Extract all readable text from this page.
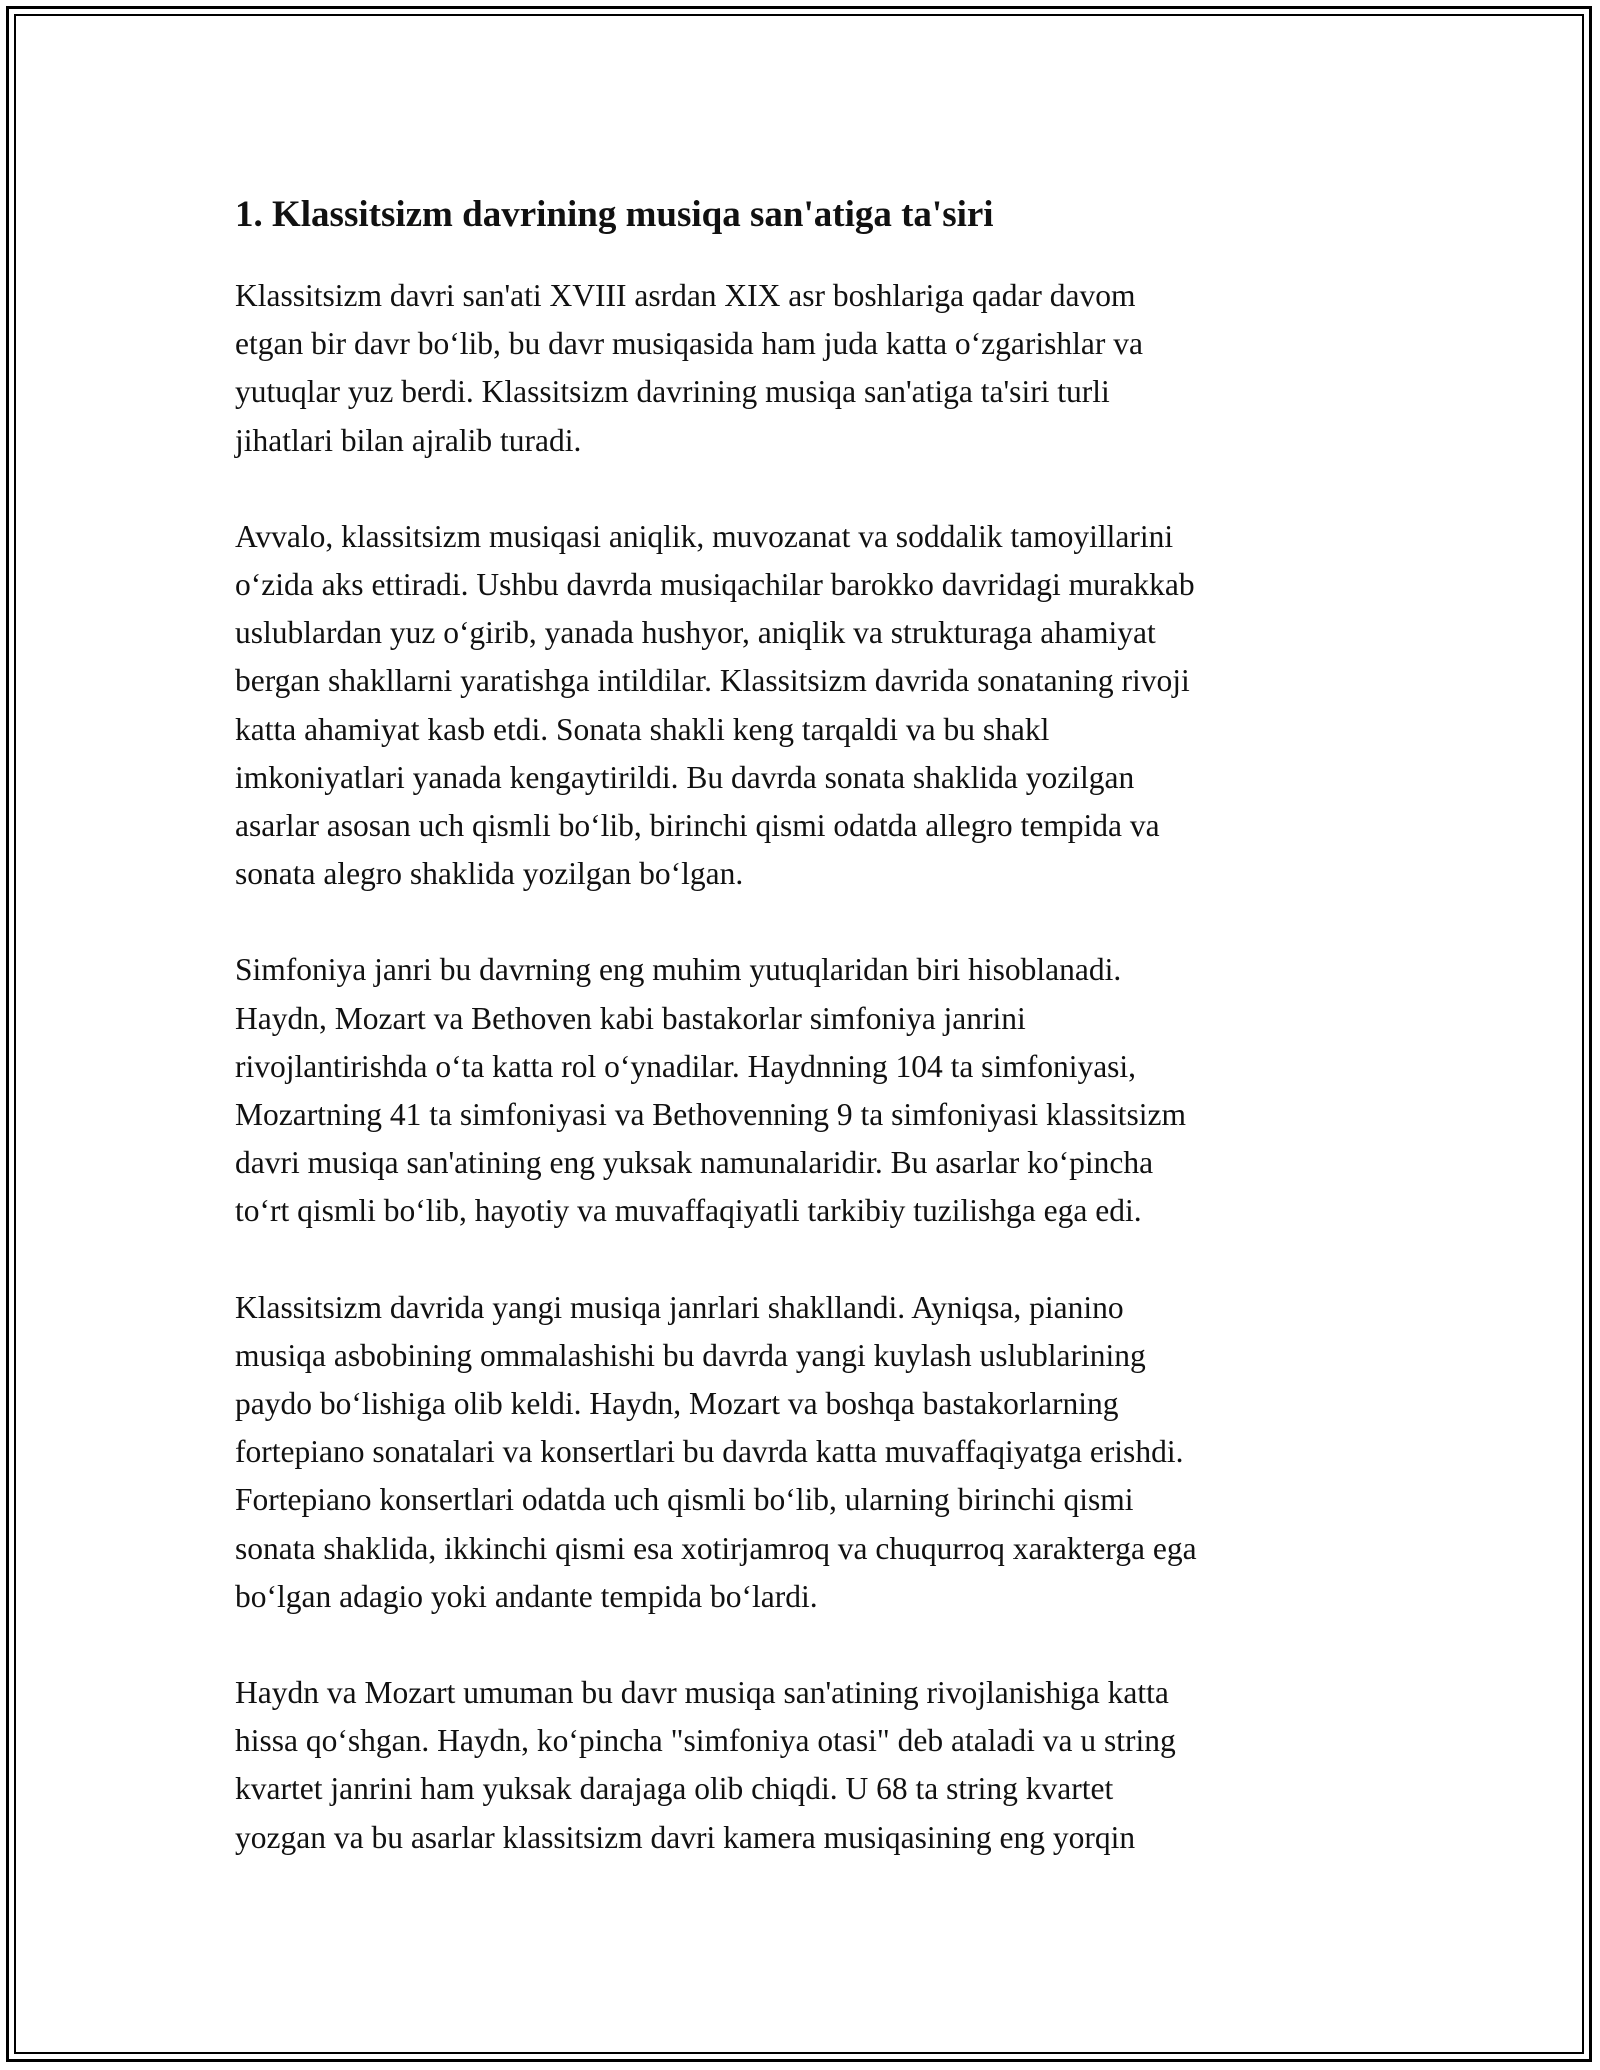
1. Klassitsizm davrining musiqa san'atiga ta'siri

Klassitsizm davri san'ati XVIII asrdan XIX asr boshlariga qadar davom
etgan bir davr bo‘lib, bu davr musiqasida ham juda katta o‘zgarishlar va
yutuqlar yuz berdi. Klassitsizm davrining musiqa san'atiga ta'siri turli
jihatlari bilan ajralib turadi.

Avvalo, klassitsizm musiqasi aniqlik, muvozanat va soddalik tamoyillarini
o‘zida aks ettiradi. Ushbu davrda musiqachilar barokko davridagi murakkab
uslublardan yuz o‘girib, yanada hushyor, aniqlik va strukturaga ahamiyat
bergan shakllarni yaratishga intildilar. Klassitsizm davrida sonataning rivoji
katta ahamiyat kasb etdi. Sonata shakli keng tarqaldi va bu shakl
imkoniyatlari yanada kengaytirildi. Bu davrda sonata shaklida yozilgan
asarlar asosan uch qismli bo‘lib, birinchi qismi odatda allegro tempida va
sonata alegro shaklida yozilgan bo‘lgan.

Simfoniya janri bu davrning eng muhim yutuqlaridan biri hisoblanadi.
Haydn, Mozart va Bethoven kabi bastakorlar simfoniya janrini
rivojlantirishda o‘ta katta rol o‘ynadilar. Haydnning 104 ta simfoniyasi,
Mozartning 41 ta simfoniyasi va Bethovenning 9 ta simfoniyasi klassitsizm
davri musiqa san'atining eng yuksak namunalaridir. Bu asarlar ko‘pincha
to‘rt qismli bo‘lib, hayotiy va muvaffaqiyatli tarkibiy tuzilishga ega edi.

Klassitsizm davrida yangi musiqa janrlari shakllandi. Ayniqsa, pianino
musiqa asbobining ommalashishi bu davrda yangi kuylash uslublarining
paydo bo‘lishiga olib keldi. Haydn, Mozart va boshqa bastakorlarning
fortepiano sonatalari va konsertlari bu davrda katta muvaffaqiyatga erishdi.
Fortepiano konsertlari odatda uch qismli bo‘lib, ularning birinchi qismi
sonata shaklida, ikkinchi qismi esa xotirjamroq va chuqurroq xarakterga ega
bo‘lgan adagio yoki andante tempida bo‘lardi.

Haydn va Mozart umuman bu davr musiqa san'atining rivojlanishiga katta
hissa qo‘shgan. Haydn, ko‘pincha "simfoniya otasi" deb ataladi va u string
kvartet janrini ham yuksak darajaga olib chiqdi. U 68 ta string kvartet
yozgan va bu asarlar klassitsizm davri kamera musiqasining eng yorqin
